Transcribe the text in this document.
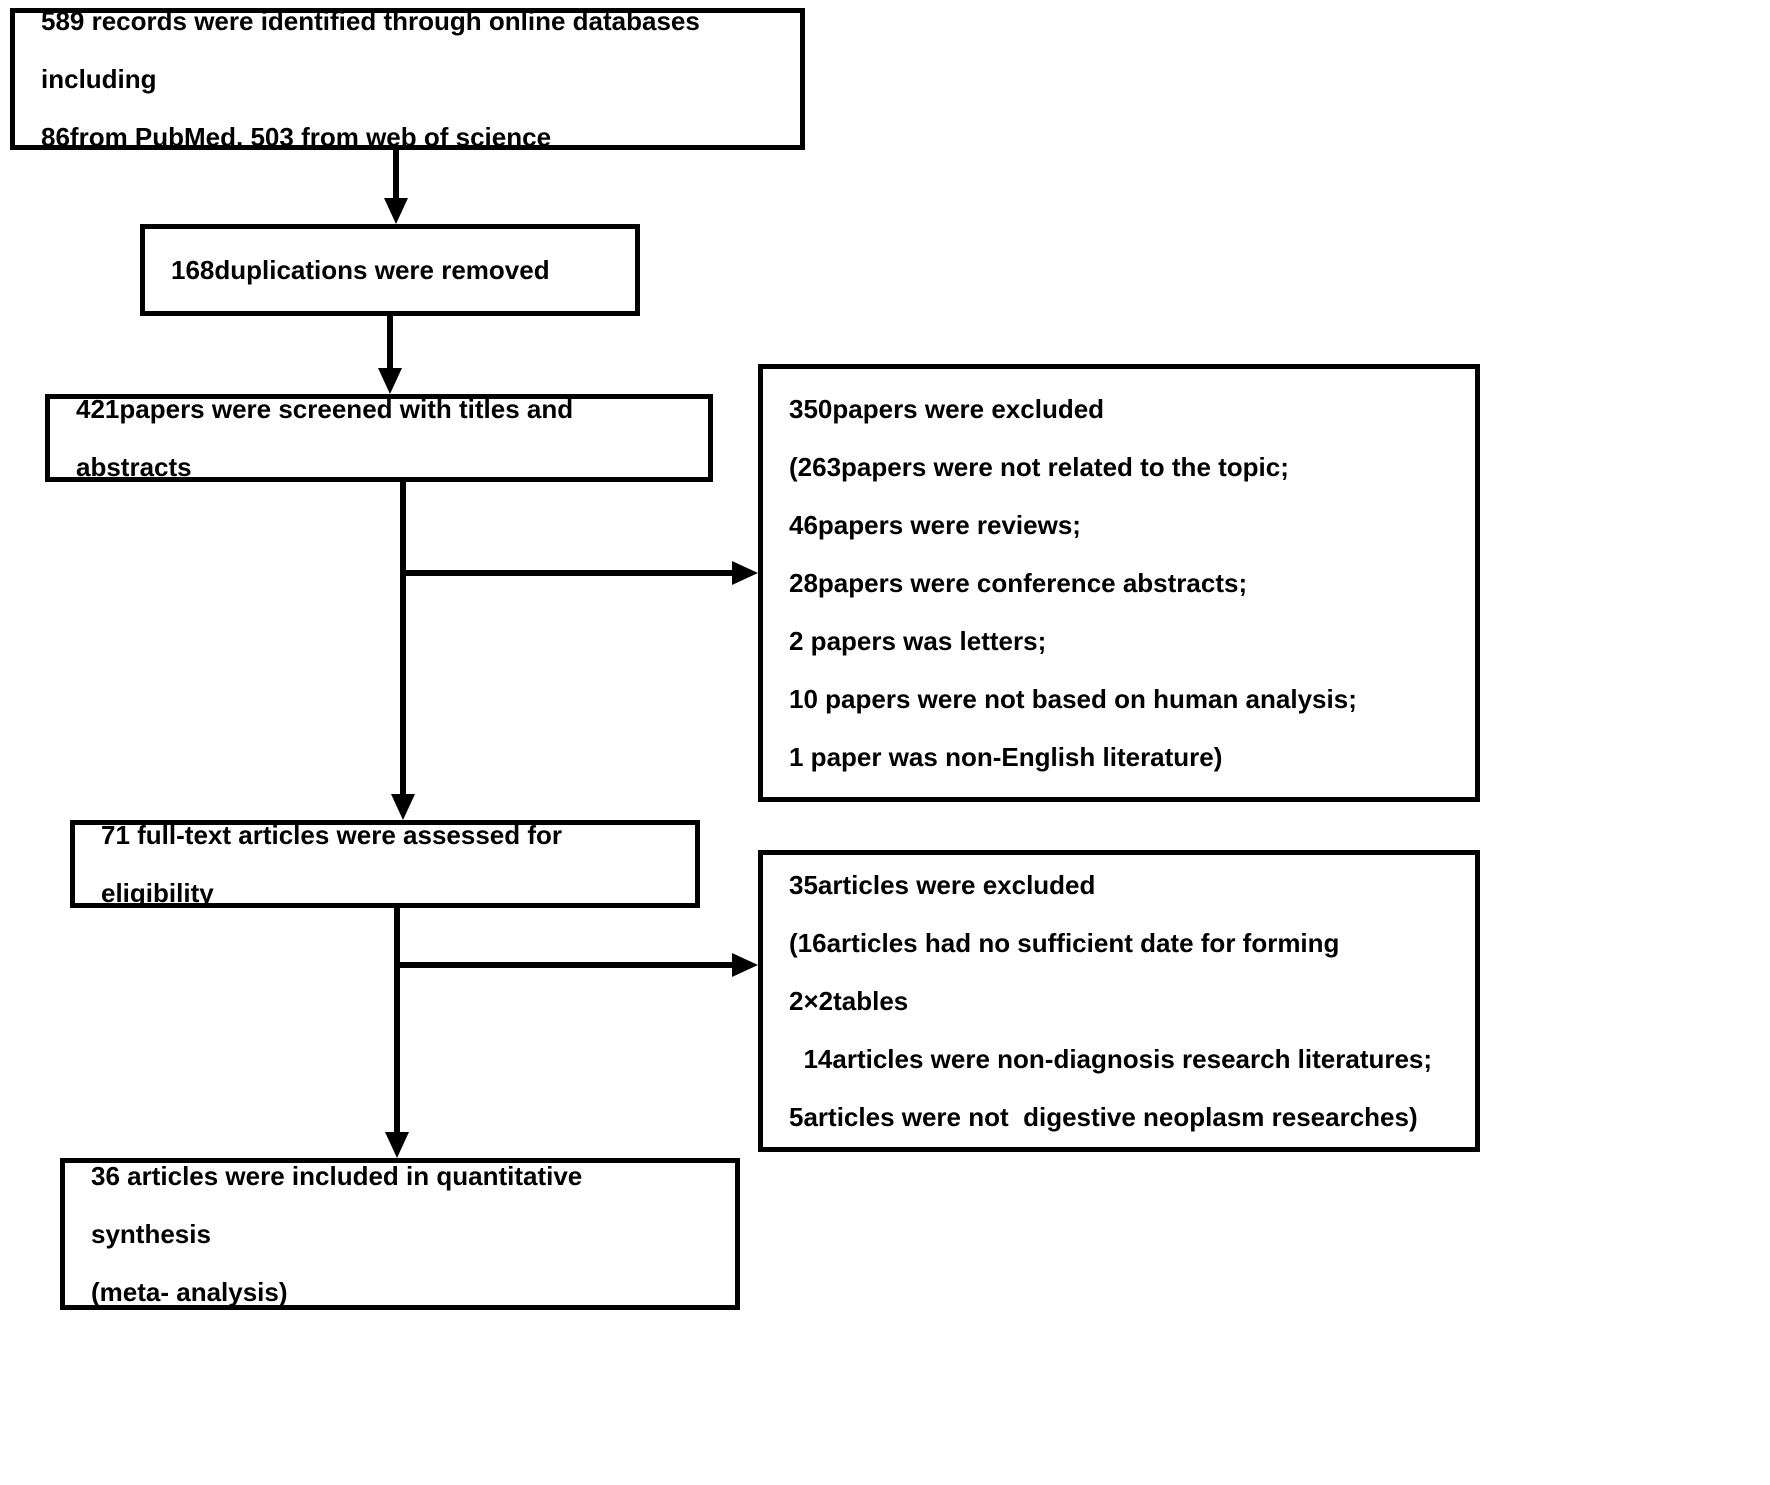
589 records were identified through online databases including
86from PubMed, 503 from web of science
168duplications were removed
421papers were screened with titles and abstracts
350papers were excluded
(263papers were not related to the topic;
46papers were reviews;
28papers were conference abstracts;
2 papers was letters;
10 papers were not based on human analysis;
1 paper was non-English literature)
71 full-text articles were assessed for eligibility	35articles were excluded
(16articles had no sufficient date for forming 2×2tables
14articles were non-diagnosis research literatures;
5articles were not  digestive neoplasm researches)
36 articles were included in quantitative synthesis
(meta- analysis)
